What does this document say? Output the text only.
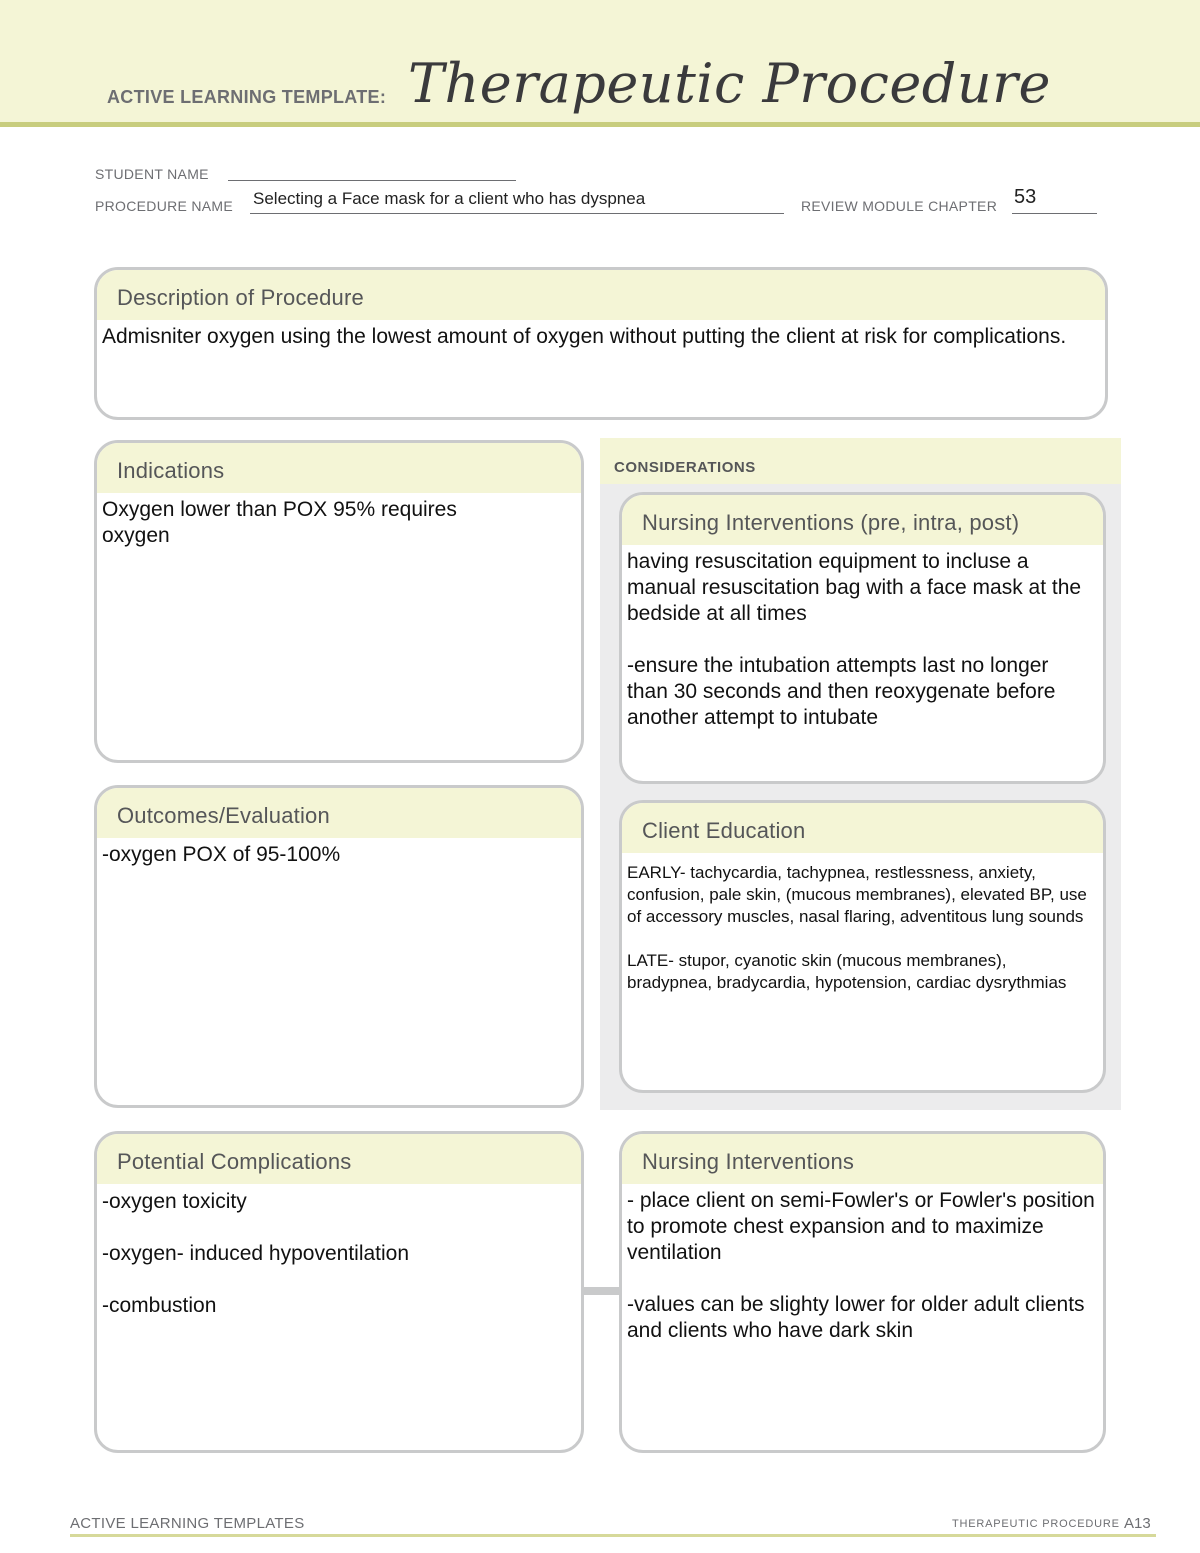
ACTIVE LEARNING TEMPLATE: Therapeutic Procedure
STUDENT NAME
PROCEDURE NAME Selecting a Face mask for a client who has dyspnea	REVIEW MODULE CHAPTER 53
Description of Procedure

Admisniter oxygen using the lowest amount of oxygen without putting the client at risk for complications.

Indications

Oxygen lower than POX 95% requires oxygen

Outcomes/Evaluation

-oxygen POX of 95-100%

CONSIDERATIONS
Nursing Interventions (pre, intra, post)

having resuscitation equipment to incluse a manual resuscitation bag with a face mask at the bedside at all times

-ensure the intubation attempts last no longer than 30 seconds and then reoxygenate before another attempt to intubate

Client Education

EARLY- tachycardia, tachypnea, restlessness, anxiety, confusion, pale skin, (mucous membranes), elevated BP, use of accessory muscles, nasal flaring, adventitous lung sounds

LATE- stupor, cyanotic skin (mucous membranes), bradypnea, bradycardia, hypotension, cardiac dysrythmias

Potential Complications

-oxygen toxicity

-oxygen- induced hypoventilation

-combustion

Nursing Interventions

- place client on semi-Fowler's or Fowler's position to promote chest expansion and to maximize ventilation

-values can be slighty lower for older adult clients and clients who have dark skin

ACTIVE LEARNING TEMPLATES	THERAPEUTIC PROCEDURE A13
